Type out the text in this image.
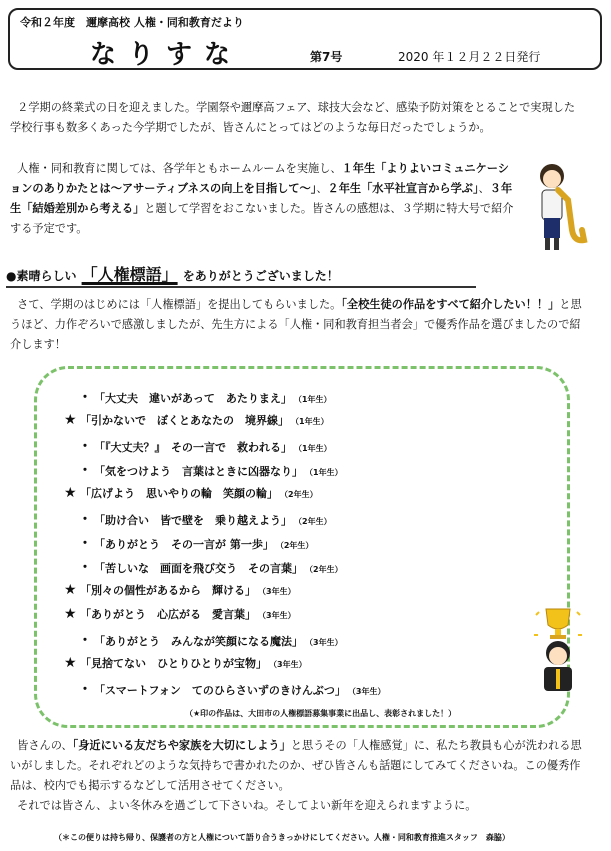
令和２年度　邇摩高校 人権・同和教育だより
なりすな	第7号	2020 年１２月２２日発行
２学期の終業式の日を迎えました。学園祭や邇摩高フェア、球技大会など、感染予防対策をとることで実現した学校行事も数多くあった今学期でしたが、皆さんにとってはどのような毎日だったでしょうか。
人権・同和教育に関しては、各学年ともホームルームを実施し、１年生「よりよいコミュニケーションのありかたとは～アサーティブネスの向上を目指して～」、２年生「水平社宣言から学ぶ」、３年生「結婚差別から考える」と題して学習をおこないました。皆さんの感想は、３学期に特大号で紹介する予定です。
●素晴らしい 「人権標語」 をありがとうございました！
さて、学期のはじめには「人権標語」を提出してもらいました。「全校生徒の作品をすべて紹介したい！！」と思うほど、力作ぞろいで感激しましたが、先生方による「人権・同和教育担当者会」で優秀作品を選びましたので紹介します！
・ 「大丈夫　違いがあって　あたりまえ」 （1年生）
★ 「引かないで　ぼくとあなたの　境界線」 （1年生）
・ 「『大丈夫？』　その一言で　救われる」 （1年生）
・ 「気をつけよう　言葉はときに凶器なり」 （1年生）
★ 「広げよう　思いやりの輪　笑顔の輪」 （2年生）
・ 「助け合い　皆で壁を　乗り越えよう」 （2年生）
・ 「ありがとう　その一言が 第一歩」 （2年生）
・ 「苦しいな　画面を飛び交う　その言葉」 （2年生）
★ 「別々の個性があるから　輝ける」 （3年生）
★ 「ありがとう　心広がる　愛言葉」 （3年生）
・ 「ありがとう　みんなが笑顔になる魔法」 （3年生）
★ 「見捨てない　ひとりひとりが宝物」 （3年生）
・ 「スマートフォン　てのひらさいずのきけんぶつ」 （3年生）
（★印の作品は、大田市の人権標語募集事業に出品し、表彰されました！）
皆さんの、「身近にいる友だちや家族を大切にしよう」と思うその「人権感覚」に、私たち教員も心が洗われる思いがしました。それぞれどのような気持ちで書かれたのか、ぜひ皆さんも話題にしてみてくださいね。この優秀作品は、校内でも掲示するなどして活用させてください。
それでは皆さん、よい冬休みを過ごして下さいね。そしてよい新年を迎えられますように。
（＊この便りは持ち帰り、保護者の方と人権について語り合うきっかけにしてください。人権・同和教育推進スタッフ　森脇）
